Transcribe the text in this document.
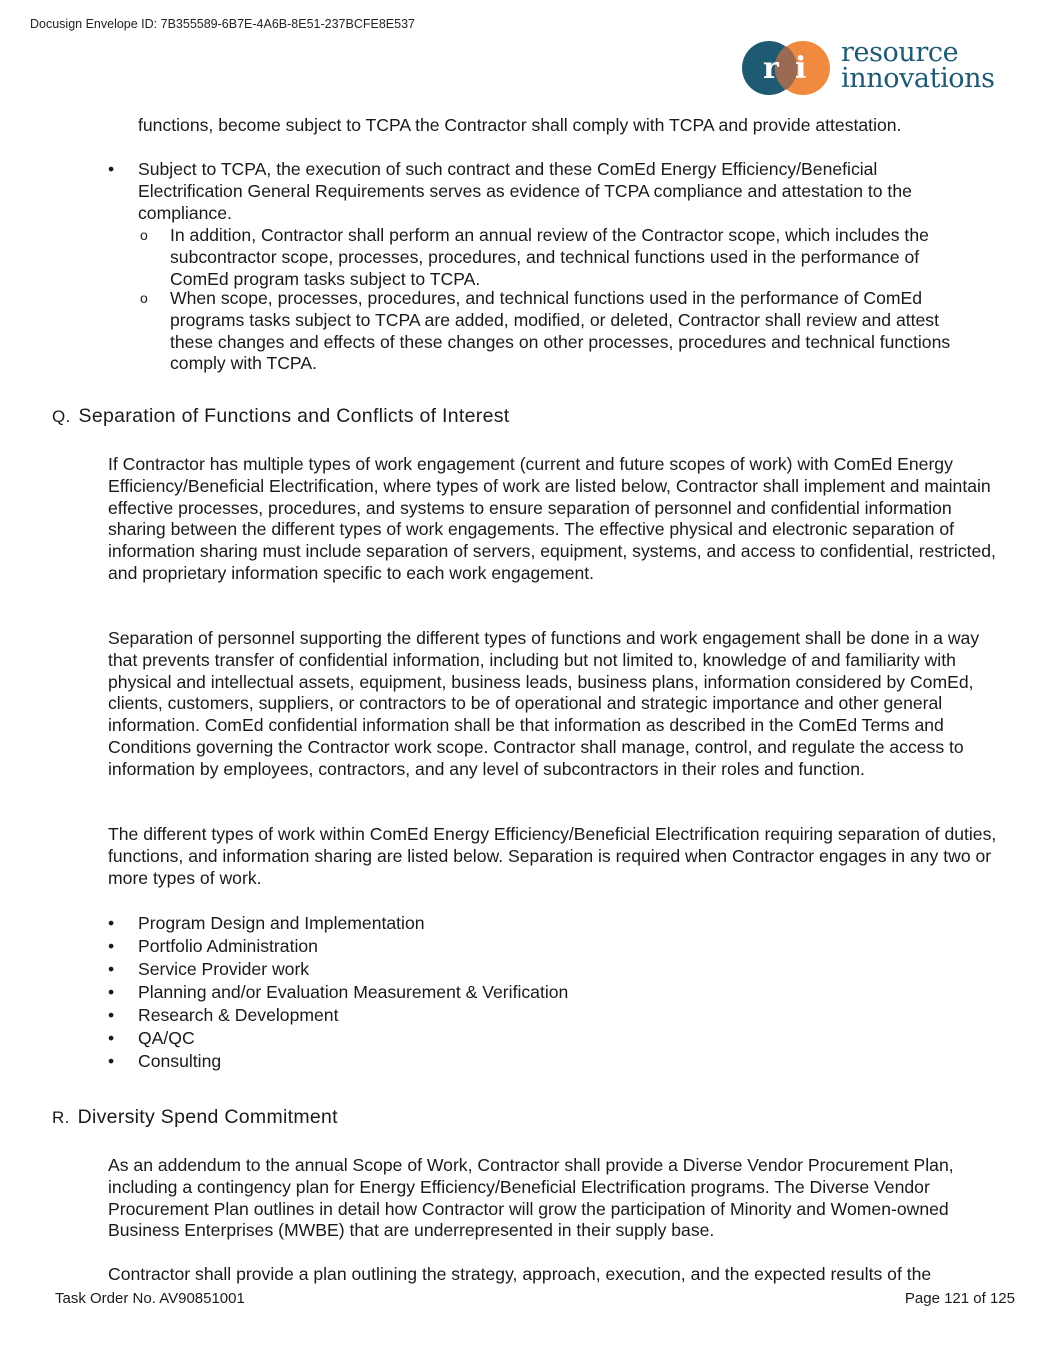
Docusign Envelope ID: 7B355589-6B7E-4A6B-8E51-237BCFE8E537
r i resource
innovations
functions, become subject to TCPA the Contractor shall comply with TCPA and provide attestation.
• Subject to TCPA, the execution of such contract and these ComEd Energy Efficiency/Beneficial Electrification General Requirements serves as evidence of TCPA compliance and attestation to the compliance.
o In addition, Contractor shall perform an annual review of the Contractor scope, which includes the subcontractor scope, processes, procedures, and technical functions used in the performance of ComEd program tasks subject to TCPA.
o When scope, processes, procedures, and technical functions used in the performance of ComEd programs tasks subject to TCPA are added, modified, or deleted, Contractor shall review and attest these changes and effects of these changes on other processes, procedures and technical functions comply with TCPA.
Q. Separation of Functions and Conflicts of Interest
If Contractor has multiple types of work engagement (current and future scopes of work) with ComEd Energy Efficiency/Beneficial Electrification, where types of work are listed below, Contractor shall implement and maintain effective processes, procedures, and systems to ensure separation of personnel and confidential information sharing between the different types of work engagements. The effective physical and electronic separation of information sharing must include separation of servers, equipment, systems, and access to confidential, restricted, and proprietary information specific to each work engagement.
Separation of personnel supporting the different types of functions and work engagement shall be done in a way that prevents transfer of confidential information, including but not limited to, knowledge of and familiarity with physical and intellectual assets, equipment, business leads, business plans, information considered by ComEd, clients, customers, suppliers, or contractors to be of operational and strategic importance and other general information. ComEd confidential information shall be that information as described in the ComEd Terms and Conditions governing the Contractor work scope. Contractor shall manage, control, and regulate the access to information by employees, contractors, and any level of subcontractors in their roles and function.
The different types of work within ComEd Energy Efficiency/Beneficial Electrification requiring separation of duties, functions, and information sharing are listed below. Separation is required when Contractor engages in any two or more types of work.
• Program Design and Implementation
• Portfolio Administration
• Service Provider work
• Planning and/or Evaluation Measurement & Verification
• Research & Development
• QA/QC
• Consulting
R. Diversity Spend Commitment
As an addendum to the annual Scope of Work, Contractor shall provide a Diverse Vendor Procurement Plan, including a contingency plan for Energy Efficiency/Beneficial Electrification programs. The Diverse Vendor Procurement Plan outlines in detail how Contractor will grow the participation of Minority and Women-owned Business Enterprises (MWBE) that are underrepresented in their supply base.
Contractor shall provide a plan outlining the strategy, approach, execution, and the expected results of the
Task Order No. AV90851001	Page 121 of 125
